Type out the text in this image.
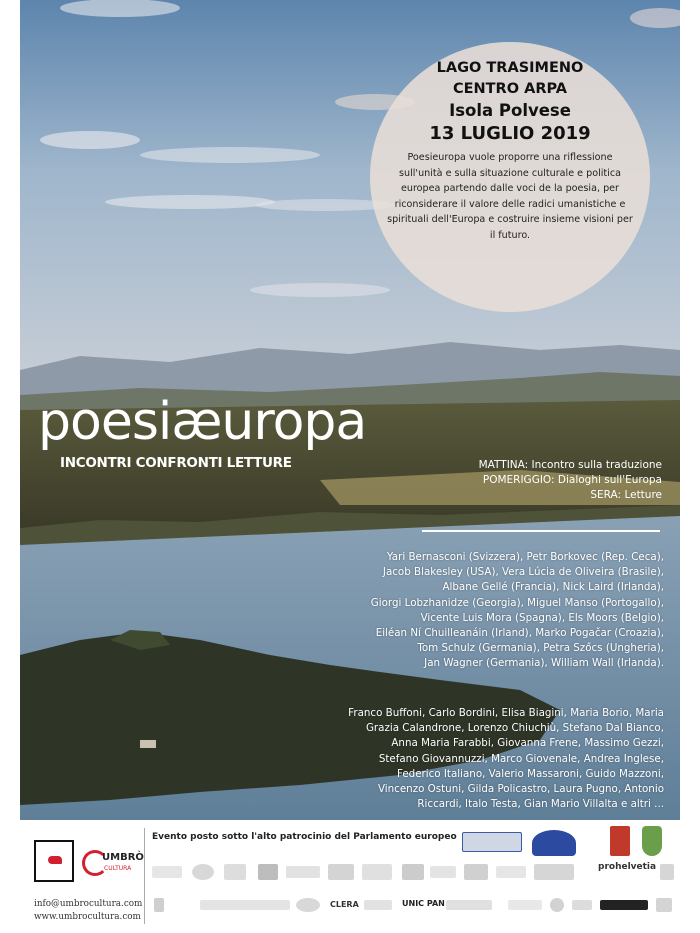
LAGO TRASIMENO
CENTRO ARPA
Isola Polvese
13 LUGLIO 2019
Poesieuropa vuole proporre una riflessione sull'unità e sulla situazione culturale e politica europea partendo dalle voci de la poesia, per riconsiderare il valore delle radici umanistiche e spirituali dell'Europa e costruire insieme visioni per il futuro.
poesiæuropa
INCONTRI CONFRONTI LETTURE	MATTINA: Incontro sulla traduzione
POMERIGGIO: Dialoghi sull'Europa
SERA: Letture
Yari Bernasconi (Svizzera), Petr Borkovec (Rep. Ceca),
Jacob Blakesley (USA), Vera Lúcia de Oliveira (Brasile),
Albane Gellé (Francia), Nick Laird (Irlanda),
Giorgi Lobzhanidze (Georgia), Miguel Manso (Portogallo),
Vicente Luis Mora (Spagna), Els Moors (Belgio),
Eiléan Ní Chuilleanáin (Irland), Marko Pogačar (Croazia),
Tom Schulz (Germania), Petra Szőcs (Ungheria),
Jan Wagner (Germania), William Wall (Irlanda).
Franco Buffoni, Carlo Bordini, Elisa Biagini, Maria Borio, Maria
Grazia Calandrone, Lorenzo Chiuchiù, Stefano Dal Bianco,
Anna Maria Farabbi, Giovanna Frene, Massimo Gezzi,
Stefano Giovannuzzi, Marco Giovenale, Andrea Inglese,
Federico Italiano, Valerio Massaroni, Guido Mazzoni,
Vincenzo Ostuni, Gilda Policastro, Laura Pugno, Antonio
Riccardi, Italo Testa, Gian Mario Villalta e altri ...
UMBRÒ
CULTURA
info@umbrocultura.com
www.umbrocultura.com
Evento posto sotto l'alto patrocinio del Parlamento europeo
prohelvetia
CLERA	UNIC PAN
